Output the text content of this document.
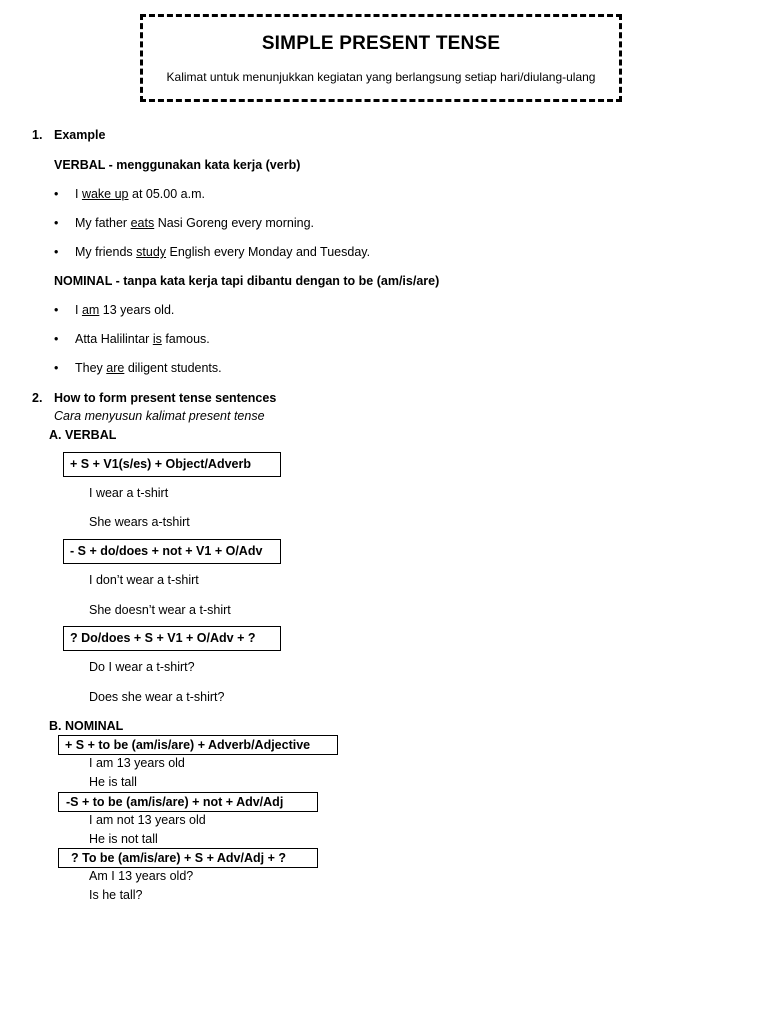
SIMPLE PRESENT TENSE
Kalimat untuk menunjukkan kegiatan yang berlangsung setiap hari/diulang-ulang
1. Example
VERBAL - menggunakan kata kerja (verb)
• I wake up at 05.00 a.m.
• My father eats Nasi Goreng every morning.
• My friends study English every Monday and Tuesday.
NOMINAL - tanpa kata kerja tapi dibantu dengan to be (am/is/are)
• I am 13 years old.
• Atta Halilintar is famous.
• They are diligent students.
2. How to form present tense sentences
Cara menyusun kalimat present tense
A. VERBAL
+ S + V1(s/es) + Object/Adverb
I wear a t-shirt
She wears a-tshirt
- S + do/does + not + V1 + O/Adv
I don’t wear a t-shirt
She doesn’t wear a t-shirt
? Do/does + S + V1 + O/Adv + ?
Do I wear a t-shirt?
Does she wear a t-shirt?
B. NOMINAL
+ S + to be (am/is/are) + Adverb/Adjective
I am 13 years old
He is tall
-S + to be (am/is/are) + not + Adv/Adj
I am not 13 years old
He is not tall
? To be (am/is/are) + S + Adv/Adj + ?
Am I 13 years old?
Is he tall?
